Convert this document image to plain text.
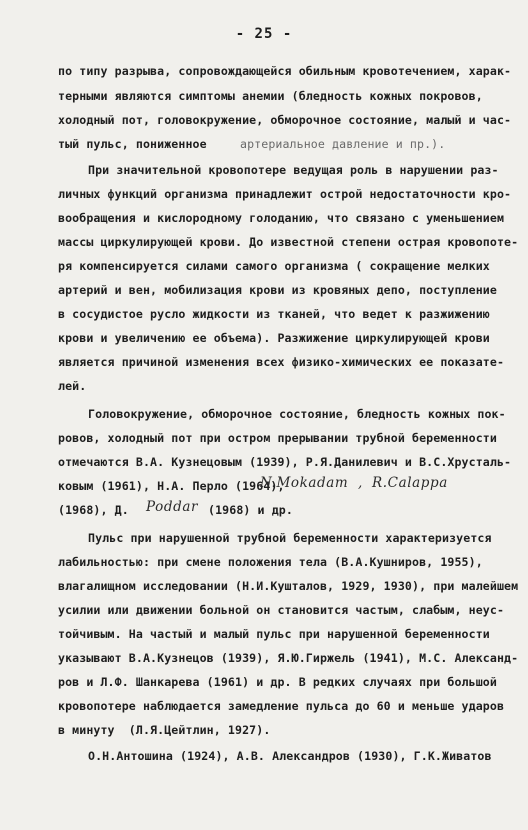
- 25 -
по типу разрыва, сопровождающейся обильным кровотечением, харак-
терными являются симптомы анемии (бледность кожных покровов,
холодный пот, головокружение, обморочное состояние, малый и час-
тый пульс, пониженное	артериальное давление и пр.).
При значительной кровопотере ведущая роль в нарушении раз-
личных функций организма принадлежит острой недостаточности кро-
вообращения и кислородному голоданию, что связано с уменьшением
массы циркулирующей крови. До известной степени острая кровопоте-
ря компенсируется силами самого организма ( сокращение мелких
артерий и вен, мобилизация крови из кровяных депо, поступление
в сосудистое русло жидкости из тканей, что ведет к разжижению
крови и увеличению ее объема). Разжижение циркулирующей крови
является причиной изменения всех физико-химических ее показате-
лей.
Головокружение, обморочное состояние, бледность кожных пок-
ровов, холодный пот при остром прерывании трубной беременности
отмечаются В.А. Кузнецовым (1939), Р.Я.Данилевич и В.С.Хрусталь-
ковым (1961), Н.А. Перло (1964),
N.Mokadam , R.Calappa
(1968), Д. Poddar (1968) и др.
Пульс при нарушенной трубной беременности характеризуется
лабильностью: при смене положения тела (В.А.Кушниров, 1955),
влагалищном исследовании (Н.И.Кушталов, 1929, 1930), при малейшем
усилии или движении больной он становится частым, слабым, неус-
тойчивым. На частый и малый пульс при нарушенной беременности
указывают В.А.Кузнецов (1939), Я.Ю.Гиржель (1941), М.С. Александ-
ров и Л.Ф. Шанкарева (1961) и др. В редких случаях при большой
кровопотере наблюдается замедление пульса до 60 и меньше ударов
в минуту  (Л.Я.Цейтлин, 1927).
О.Н.Антошина (1924), А.В. Александров (1930), Г.К.Живатов
